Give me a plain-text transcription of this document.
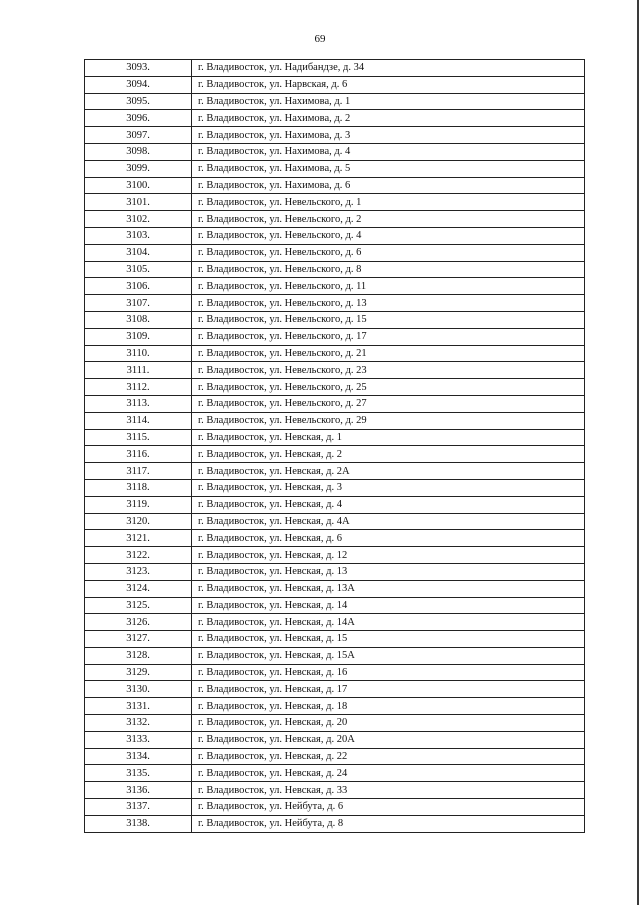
69
3093.	г. Владивосток, ул. Надибандзе, д. 34
3094.	г. Владивосток, ул. Нарвская, д. 6
3095.	г. Владивосток, ул. Нахимова, д. 1
3096.	г. Владивосток, ул. Нахимова, д. 2
3097.	г. Владивосток, ул. Нахимова, д. 3
3098.	г. Владивосток, ул. Нахимова, д. 4
3099.	г. Владивосток, ул. Нахимова, д. 5
3100.	г. Владивосток, ул. Нахимова, д. 6
3101.	г. Владивосток, ул. Невельского, д. 1
3102.	г. Владивосток, ул. Невельского, д. 2
3103.	г. Владивосток, ул. Невельского, д. 4
3104.	г. Владивосток, ул. Невельского, д. 6
3105.	г. Владивосток, ул. Невельского, д. 8
3106.	г. Владивосток, ул. Невельского, д. 11
3107.	г. Владивосток, ул. Невельского, д. 13
3108.	г. Владивосток, ул. Невельского, д. 15
3109.	г. Владивосток, ул. Невельского, д. 17
3110.	г. Владивосток, ул. Невельского, д. 21
3111.	г. Владивосток, ул. Невельского, д. 23
3112.	г. Владивосток, ул. Невельского, д. 25
3113.	г. Владивосток, ул. Невельского, д. 27
3114.	г. Владивосток, ул. Невельского, д. 29
3115.	г. Владивосток, ул. Невская, д. 1
3116.	г. Владивосток, ул. Невская, д. 2
3117.	г. Владивосток, ул. Невская, д. 2А
3118.	г. Владивосток, ул. Невская, д. 3
3119.	г. Владивосток, ул. Невская, д. 4
3120.	г. Владивосток, ул. Невская, д. 4А
3121.	г. Владивосток, ул. Невская, д. 6
3122.	г. Владивосток, ул. Невская, д. 12
3123.	г. Владивосток, ул. Невская, д. 13
3124.	г. Владивосток, ул. Невская, д. 13А
3125.	г. Владивосток, ул. Невская, д. 14
3126.	г. Владивосток, ул. Невская, д. 14А
3127.	г. Владивосток, ул. Невская, д. 15
3128.	г. Владивосток, ул. Невская, д. 15А
3129.	г. Владивосток, ул. Невская, д. 16
3130.	г. Владивосток, ул. Невская, д. 17
3131.	г. Владивосток, ул. Невская, д. 18
3132.	г. Владивосток, ул. Невская, д. 20
3133.	г. Владивосток, ул. Невская, д. 20А
3134.	г. Владивосток, ул. Невская, д. 22
3135.	г. Владивосток, ул. Невская, д. 24
3136.	г. Владивосток, ул. Невская, д. 33
3137.	г. Владивосток, ул. Нейбута, д. 6
3138.	г. Владивосток, ул. Нейбута, д. 8
